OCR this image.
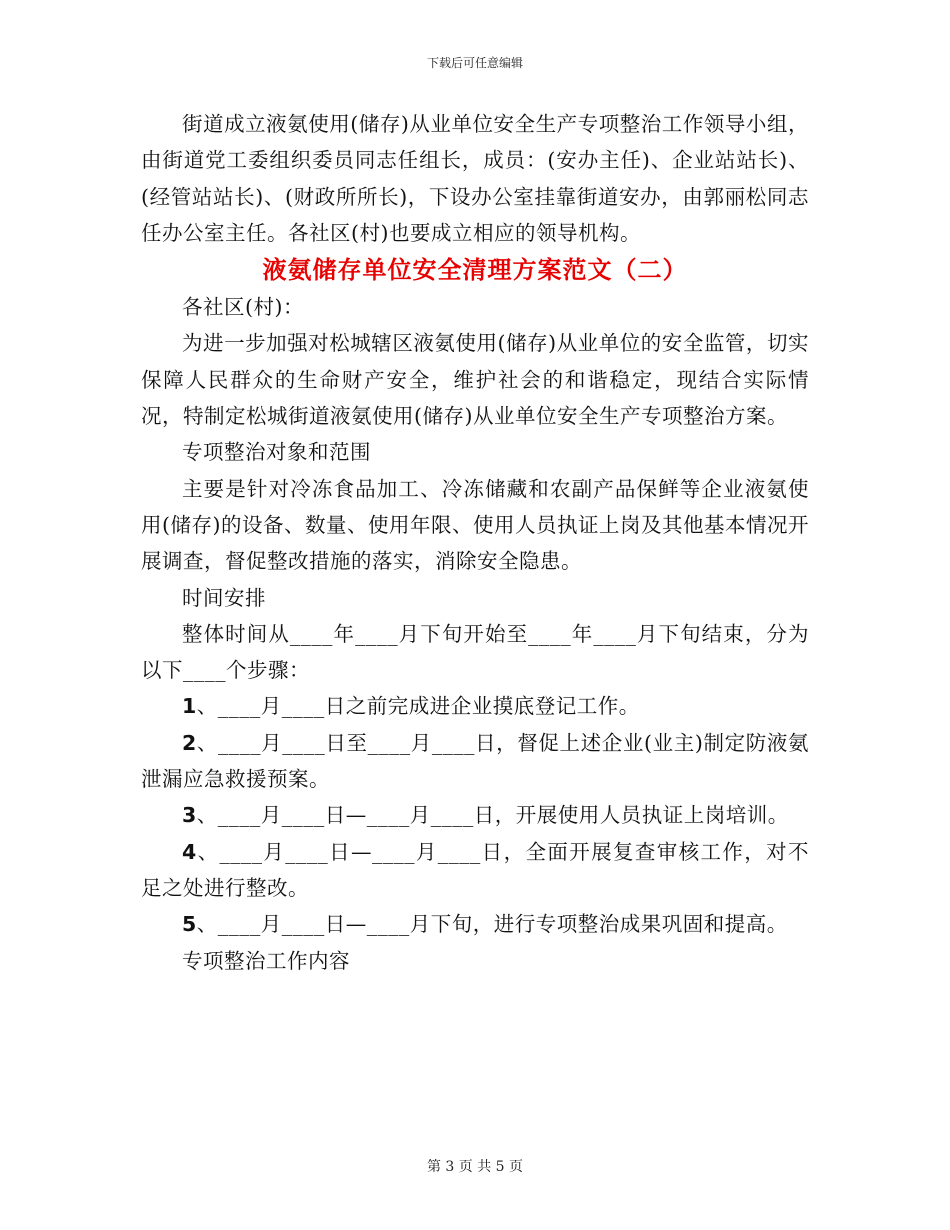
下载后可任意编辑

街道成立液氨使用(储存)从业单位安全生产专项整治工作领导小组，由街道党工委组织委员同志任组长，成员：(安办主任)、企业站站长)、(经管站站长)、(财政所所长)，下设办公室挂靠街道安办，由郭丽松同志任办公室主任。各社区(村)也要成立相应的领导机构。

液氨储存单位安全清理方案范文（二）

各社区(村)：

为进一步加强对松城辖区液氨使用(储存)从业单位的安全监管，切实保障人民群众的生命财产安全，维护社会的和谐稳定，现结合实际情况，特制定松城街道液氨使用(储存)从业单位安全生产专项整治方案。

专项整治对象和范围

主要是针对冷冻食品加工、冷冻储藏和农副产品保鲜等企业液氨使用(储存)的设备、数量、使用年限、使用人员执证上岗及其他基本情况开展调查，督促整改措施的落实，消除安全隐患。

时间安排

整体时间从____年____月下旬开始至____年____月下旬结束，分为以下____个步骤：

1、____月____日之前完成进企业摸底登记工作。

2、____月____日至____月____日，督促上述企业(业主)制定防液氨泄漏应急救援预案。

3、____月____日—____月____日，开展使用人员执证上岗培训。

4、____月____日—____月____日，全面开展复查审核工作，对不足之处进行整改。

5、____月____日—____月下旬，进行专项整治成果巩固和提高。

专项整治工作内容

第 3 页 共 5 页
